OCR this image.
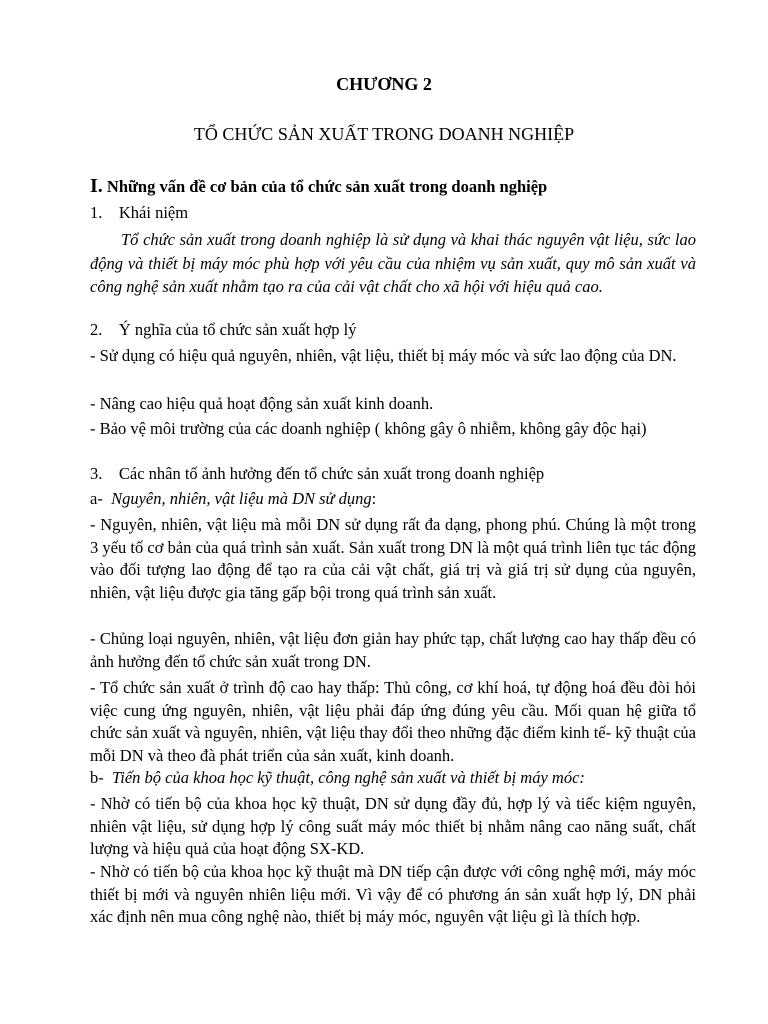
CHƯƠNG 2
TỔ CHỨC SẢN XUẤT TRONG DOANH NGHIỆP
I. Những vấn đề cơ bản của tổ chức sản xuất trong doanh nghiệp
1. Khái niệm
Tổ chức sản xuất trong doanh nghiệp là sử dụng và khai thác nguyên vật liệu, sức lao động và thiết bị máy móc phù hợp với yêu cầu của nhiệm vụ sản xuất, quy mô sản xuất và công nghệ sản xuất nhằm tạo ra của cải vật chất cho xã hội với hiệu quả cao.
2. Ý nghĩa của tổ chức sản xuất hợp lý
- Sử dụng có hiệu quả nguyên, nhiên, vật liệu, thiết bị máy móc và sức lao động của DN.
- Nâng cao hiệu quả hoạt động sản xuất kinh doanh.
- Bảo vệ môi trường của các doanh nghiệp ( không gây ô nhiễm, không gây độc hại)
3. Các nhân tố ảnh hưởng đến tổ chức sản xuất trong doanh nghiệp
a- Nguyên, nhiên, vật liệu mà DN sử dụng:
- Nguyên, nhiên, vật liệu mà mỗi DN sử dụng rất đa dạng, phong phú. Chúng là một trong 3 yếu tố cơ bản của quá trình sản xuất. Sản xuất trong DN là một quá trình liên tục tác động vào đối tượng lao động để tạo ra của cải vật chất, giá trị và giá trị sử dụng của nguyên, nhiên, vật liệu được gia tăng gấp bội trong quá trình sản xuất.
- Chủng loại nguyên, nhiên, vật liệu đơn giản hay phức tạp, chất lượng cao hay thấp đều có ảnh hưởng đến tổ chức sản xuất trong DN.
- Tổ chức sản xuất ở trình độ cao hay thấp: Thủ công, cơ khí hoá, tự động hoá đều đòi hỏi việc cung ứng nguyên, nhiên, vật liệu phải đáp ứng đúng yêu cầu. Mối quan hệ giữa tổ chức sản xuất và nguyên, nhiên, vật liệu thay đổi theo những đặc điểm kinh tế- kỹ thuật của mỗi DN và theo đà phát triển của sản xuất, kinh doanh.
b- Tiến bộ của khoa học kỹ thuật, công nghệ sản xuất và thiết bị máy móc:
- Nhờ có tiến bộ của khoa học kỹ thuật, DN sử dụng đầy đủ, hợp lý và tiếc kiệm nguyên, nhiên vật liệu, sử dụng hợp lý công suất máy móc thiết bị nhằm nâng cao năng suất, chất lượng và hiệu quả của hoạt động SX-KD.
- Nhờ có tiến bộ của khoa học kỹ thuật mà DN tiếp cận được với công nghệ mới, máy móc thiết bị mới và nguyên nhiên liệu mới. Vì vậy để có phương án sản xuất hợp lý, DN phải xác định nên mua công nghệ nào, thiết bị máy móc, nguyên vật liệu gì là thích hợp.
